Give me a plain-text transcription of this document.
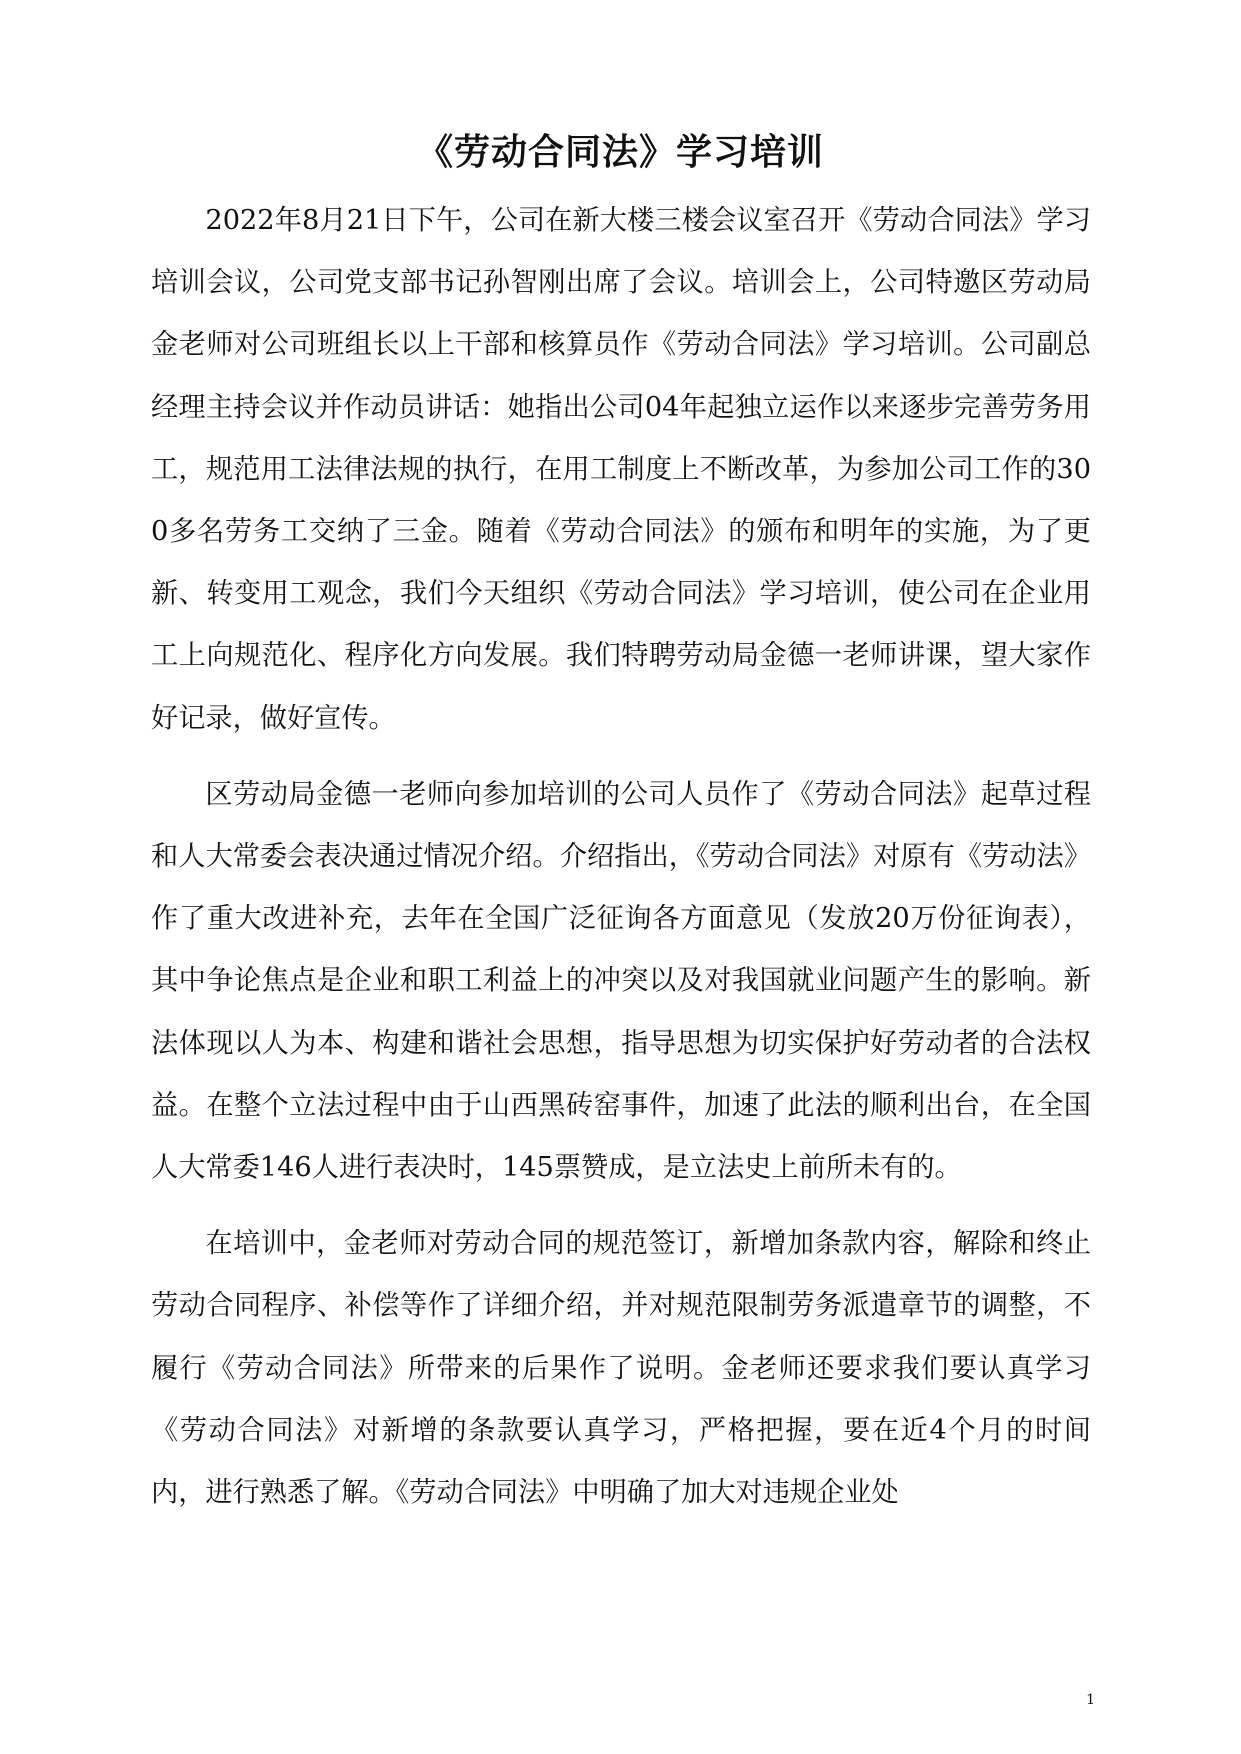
《劳动合同法》学习培训

2022年8月21日下午，公司在新大楼三楼会议室召开《劳动合同法》学习培训会议，公司党支部书记孙智刚出席了会议。培训会上，公司特邀区劳动局金老师对公司班组长以上干部和核算员作《劳动合同法》学习培训。公司副总经理主持会议并作动员讲话：她指出公司04年起独立运作以来逐步完善劳务用工，规范用工法律法规的执行，在用工制度上不断改革，为参加公司工作的300多名劳务工交纳了三金。随着《劳动合同法》的颁布和明年的实施，为了更新、转变用工观念，我们今天组织《劳动合同法》学习培训，使公司在企业用工上向规范化、程序化方向发展。我们特聘劳动局金德一老师讲课，望大家作好记录，做好宣传。

区劳动局金德一老师向参加培训的公司人员作了《劳动合同法》起草过程和人大常委会表决通过情况介绍。介绍指出，《劳动合同法》对原有《劳动法》作了重大改进补充，去年在全国广泛征询各方面意见（发放20万份征询表），其中争论焦点是企业和职工利益上的冲突以及对我国就业问题产生的影响。新法体现以人为本、构建和谐社会思想，指导思想为切实保护好劳动者的合法权益。在整个立法过程中由于山西黑砖窑事件，加速了此法的顺利出台，在全国人大常委146人进行表决时，145票赞成，是立法史上前所未有的。

在培训中，金老师对劳动合同的规范签订，新增加条款内容，解除和终止劳动合同程序、补偿等作了详细介绍，并对规范限制劳务派遣章节的调整，不履行《劳动合同法》所带来的后果作了说明。金老师还要求我们要认真学习《劳动合同法》对新增的条款要认真学习，严格把握，要在近4个月的时间内，进行熟悉了解。《劳动合同法》中明确了加大对违规企业处

1
